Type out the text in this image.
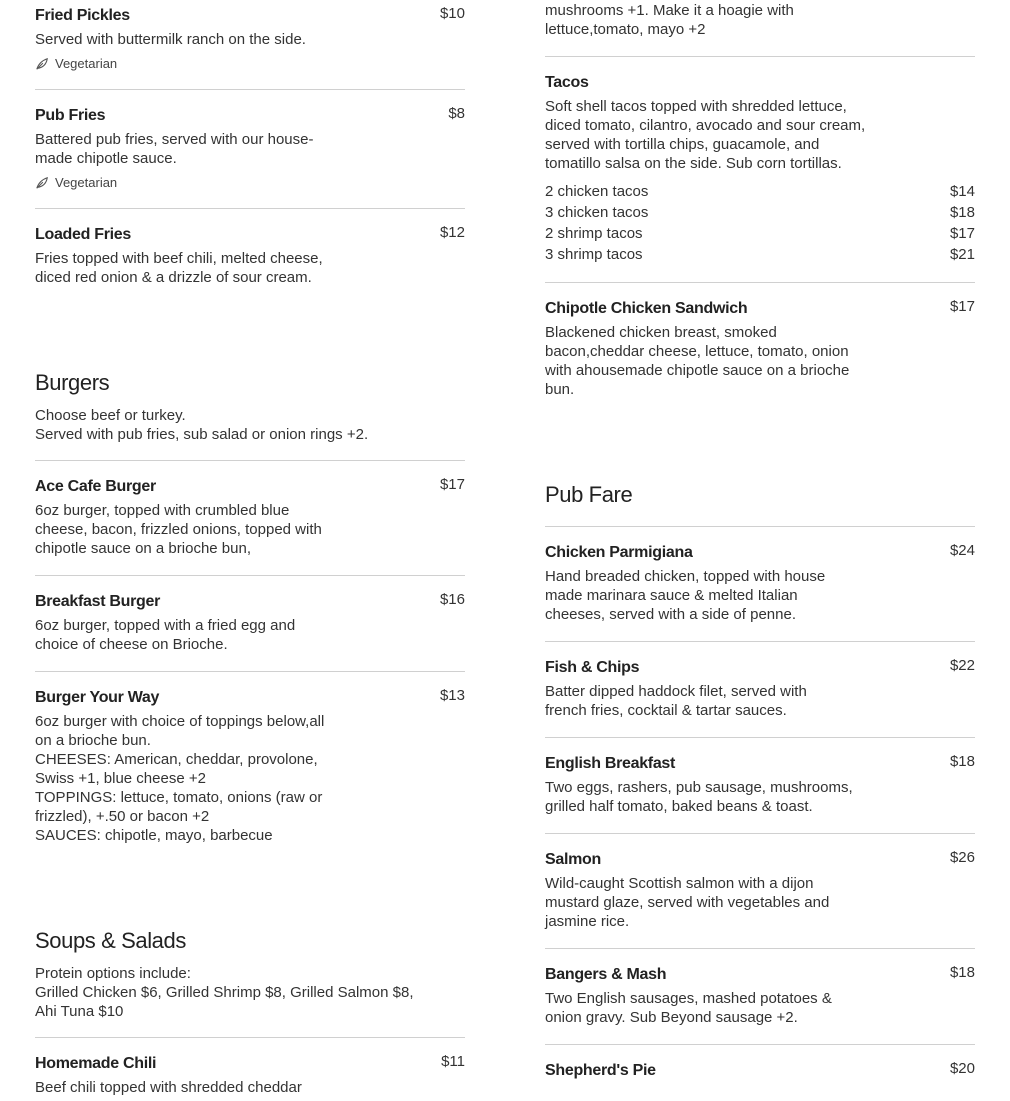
Fried Pickles	$10
Served with buttermilk ranch on the side.
Vegetarian
Pub Fries	$8
Battered pub fries, served with our house-
made chipotle sauce.
Vegetarian
Loaded Fries	$12
Fries topped with beef chili, melted cheese,
diced red onion & a drizzle of sour cream.
Burgers
Choose beef or turkey.
Served with pub fries, sub salad or onion rings +2.
Ace Cafe Burger	$17
6oz burger, topped with crumbled blue
cheese, bacon, frizzled onions, topped with
chipotle sauce on a brioche bun,
Breakfast Burger	$16
6oz burger, topped with a fried egg and
choice of cheese on Brioche.
Burger Your Way	$13
6oz burger with choice of toppings below,all
on a brioche bun.
CHEESES: American, cheddar, provolone,
Swiss +1, blue cheese +2
TOPPINGS: lettuce, tomato, onions (raw or
frizzled), +.50 or bacon +2
SAUCES: chipotle, mayo, barbecue
Soups & Salads
Protein options include:
Grilled Chicken $6, Grilled Shrimp $8, Grilled Salmon $8,
Ahi Tuna $10
Homemade Chili	$11
Beef chili topped with shredded cheddar
mushrooms +1. Make it a hoagie with
lettuce,tomato, mayo +2
Tacos
Soft shell tacos topped with shredded lettuce,
diced tomato, cilantro, avocado and sour cream,
served with tortilla chips, guacamole, and
tomatillo salsa on the side. Sub corn tortillas.
2 chicken tacos	$14
3 chicken tacos	$18
2 shrimp tacos	$17
3 shrimp tacos	$21
Chipotle Chicken Sandwich	$17
Blackened chicken breast, smoked
bacon,cheddar cheese, lettuce, tomato, onion
with ahousemade chipotle sauce on a brioche
bun.
Pub Fare
Chicken Parmigiana	$24
Hand breaded chicken, topped with house
made marinara sauce & melted Italian
cheeses, served with a side of penne.
Fish & Chips	$22
Batter dipped haddock filet, served with
french fries, cocktail & tartar sauces.
English Breakfast	$18
Two eggs, rashers, pub sausage, mushrooms,
grilled half tomato, baked beans & toast.
Salmon	$26
Wild-caught Scottish salmon with a dijon
mustard glaze, served with vegetables and
jasmine rice.
Bangers & Mash	$18
Two English sausages, mashed potatoes &
onion gravy. Sub Beyond sausage +2.
Shepherd's Pie	$20
